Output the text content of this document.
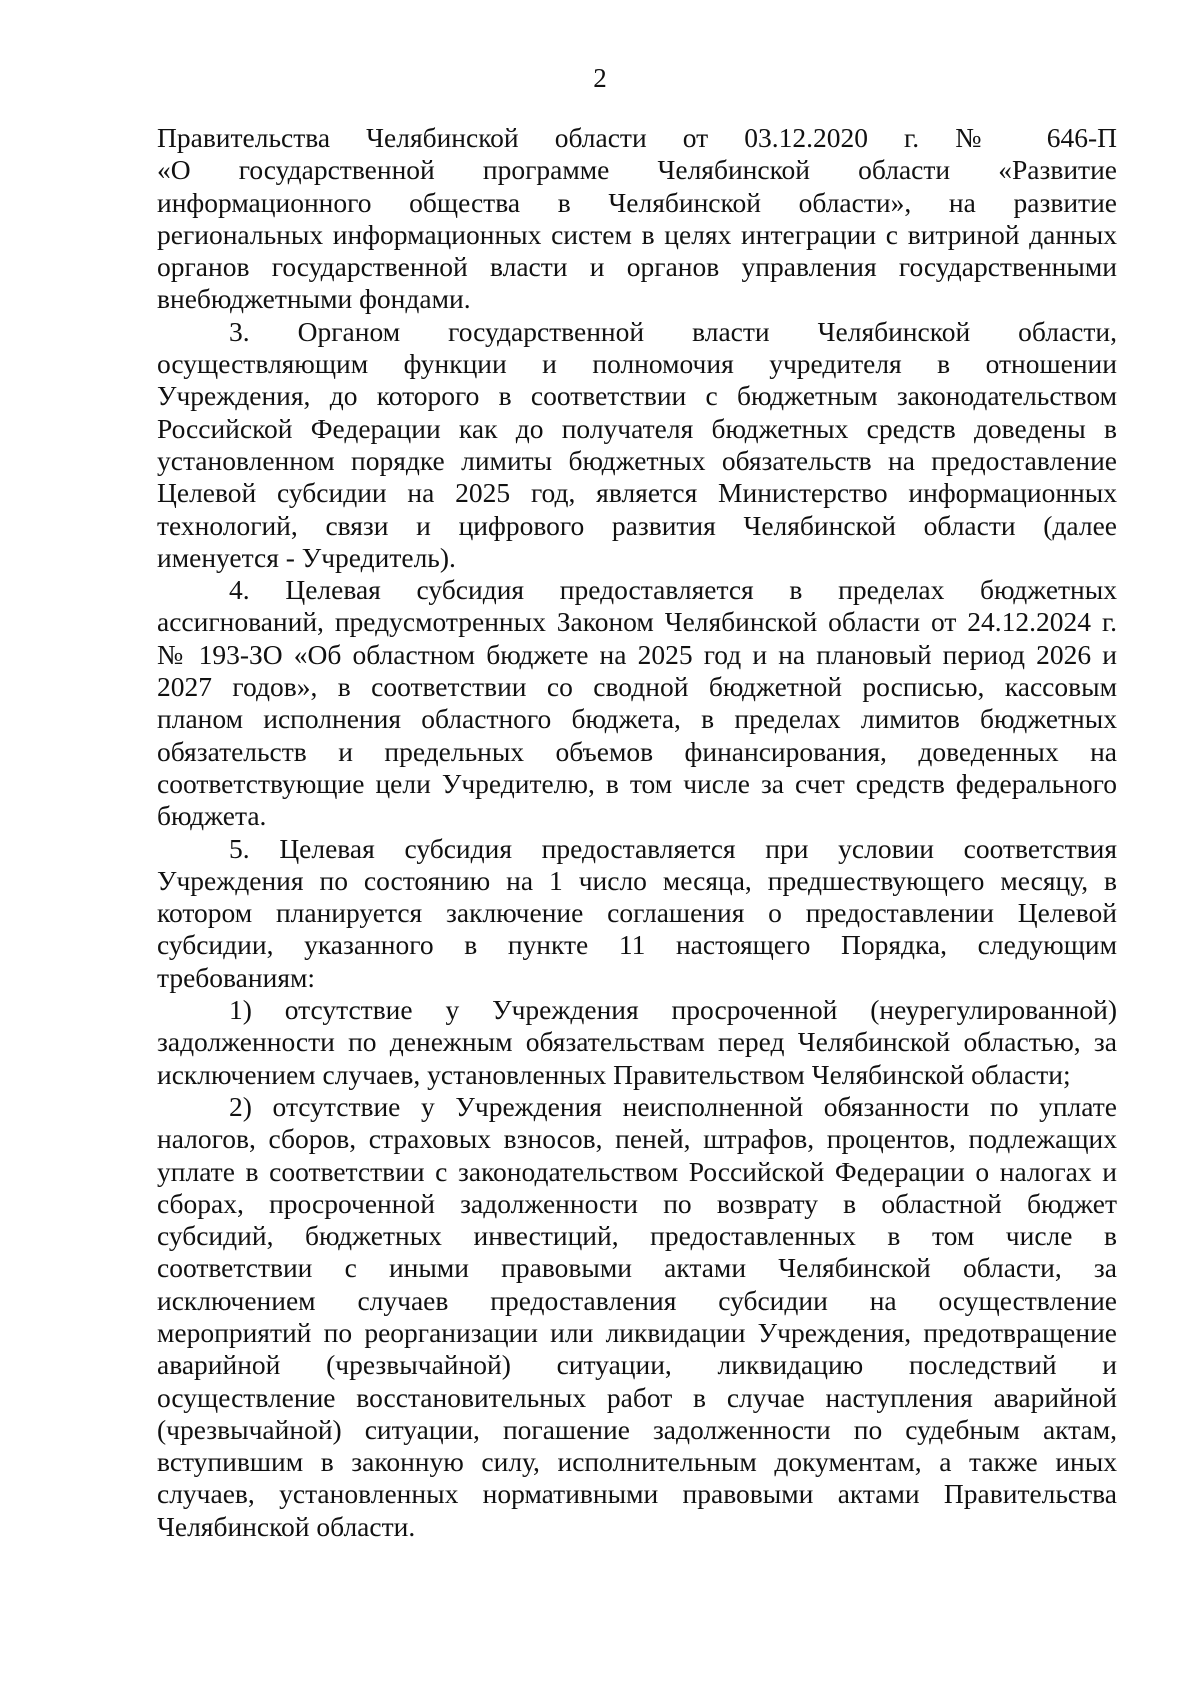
2
Правительства Челябинской области от 03.12.2020 г. № 646-П
«О государственной программе Челябинской области «Развитие
информационного общества в Челябинской области», на развитие
региональных информационных систем в целях интеграции с витриной данных
органов государственной власти и органов управления государственными
внебюджетными фондами.
3. Органом государственной власти Челябинской области,
осуществляющим функции и полномочия учредителя в отношении
Учреждения, до которого в соответствии с бюджетным законодательством
Российской Федерации как до получателя бюджетных средств доведены в
установленном порядке лимиты бюджетных обязательств на предоставление
Целевой субсидии на 2025 год, является Министерство информационных
технологий, связи и цифрового развития Челябинской области (далее
именуется - Учредитель).
4. Целевая субсидия предоставляется в пределах бюджетных
ассигнований, предусмотренных Законом Челябинской области от 24.12.2024 г.
№ 193-ЗО «Об областном бюджете на 2025 год и на плановый период 2026 и
2027 годов», в соответствии со сводной бюджетной росписью, кассовым
планом исполнения областного бюджета, в пределах лимитов бюджетных
обязательств и предельных объемов финансирования, доведенных на
соответствующие цели Учредителю, в том числе за счет средств федерального
бюджета.
5. Целевая субсидия предоставляется при условии соответствия
Учреждения по состоянию на 1 число месяца, предшествующего месяцу, в
котором планируется заключение соглашения о предоставлении Целевой
субсидии, указанного в пункте 11 настоящего Порядка, следующим
требованиям:
1) отсутствие у Учреждения просроченной (неурегулированной)
задолженности по денежным обязательствам перед Челябинской областью, за
исключением случаев, установленных Правительством Челябинской области;
2) отсутствие у Учреждения неисполненной обязанности по уплате
налогов, сборов, страховых взносов, пеней, штрафов, процентов, подлежащих
уплате в соответствии с законодательством Российской Федерации о налогах и
сборах, просроченной задолженности по возврату в областной бюджет
субсидий, бюджетных инвестиций, предоставленных в том числе в
соответствии с иными правовыми актами Челябинской области, за
исключением случаев предоставления субсидии на осуществление
мероприятий по реорганизации или ликвидации Учреждения, предотвращение
аварийной (чрезвычайной) ситуации, ликвидацию последствий и
осуществление восстановительных работ в случае наступления аварийной
(чрезвычайной) ситуации, погашение задолженности по судебным актам,
вступившим в законную силу, исполнительным документам, а также иных
случаев, установленных нормативными правовыми актами Правительства
Челябинской области.
